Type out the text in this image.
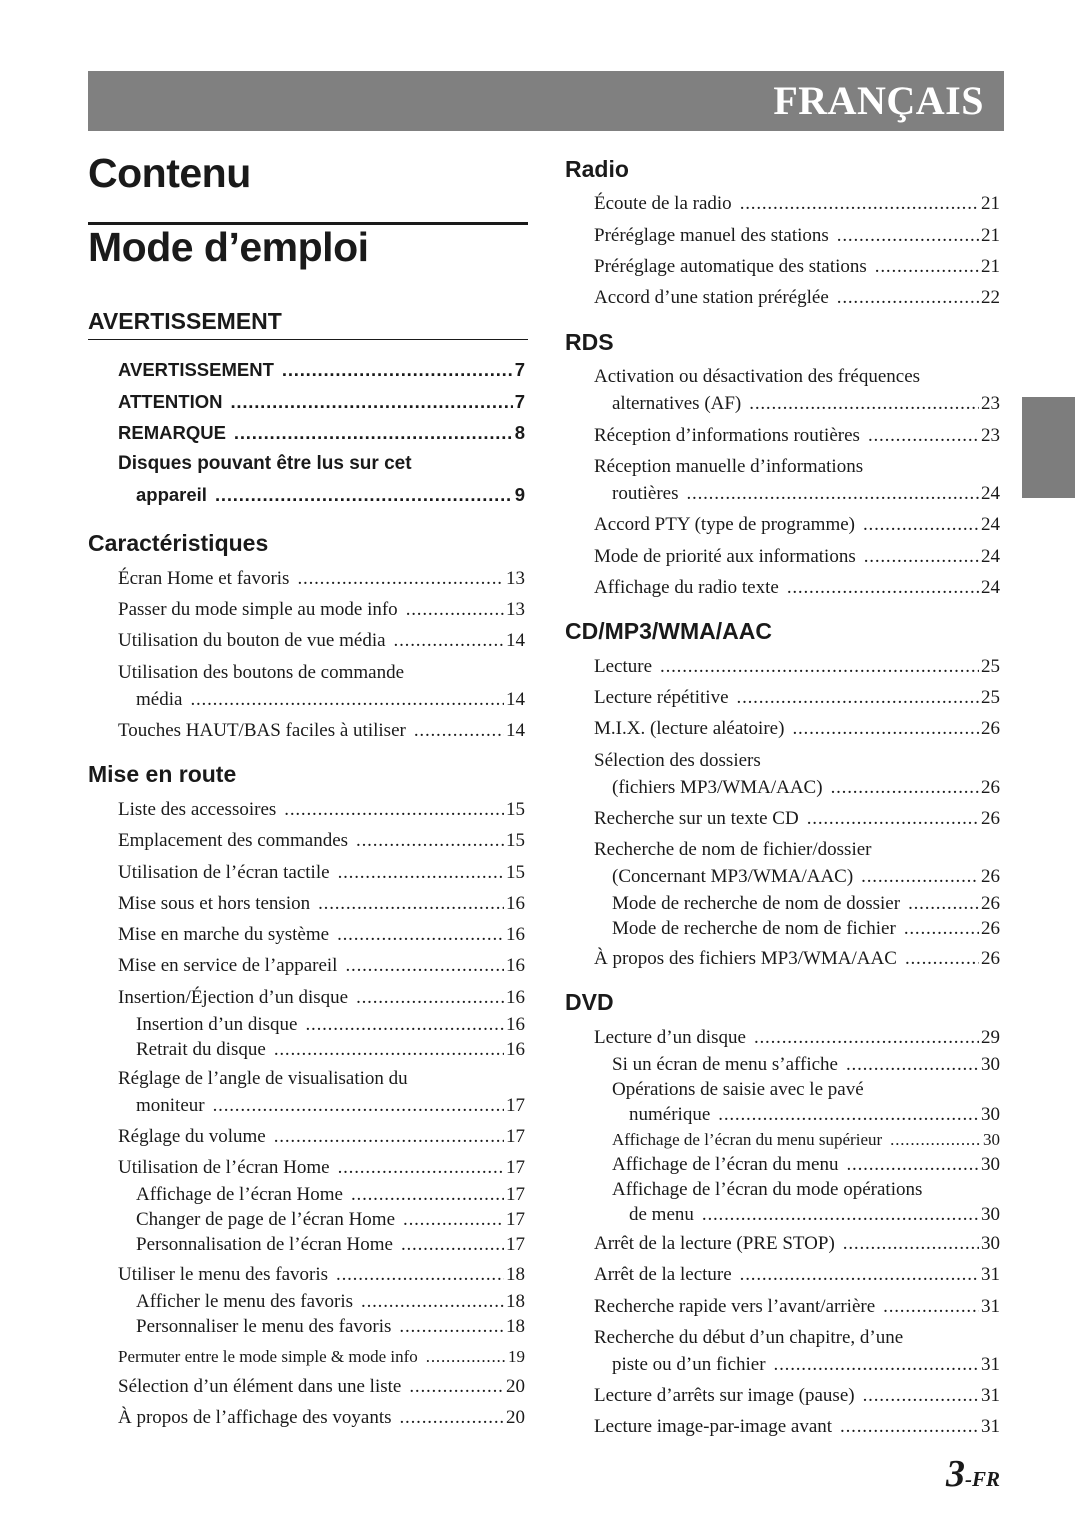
FRANÇAIS
Contenu
Mode d’emploi
AVERTISSEMENT
AVERTISSEMENT .....	7
ATTENTION .....	7
REMARQUE .....	8
Disques pouvant être lus sur cet
appareil .....	9
Caractéristiques
Écran Home et favoris .....	13
Passer du mode simple au mode info .....	13
Utilisation du bouton de vue média .....	14
Utilisation des boutons de commande
média .....	14
Touches HAUT/BAS faciles à utiliser .....	14
Mise en route
Liste des accessoires .....	15
Emplacement des commandes .....	15
Utilisation de l’écran tactile .....	15
Mise sous et hors tension .....	16
Mise en marche du système .....	16
Mise en service de l’appareil .....	16
Insertion/Éjection d’un disque .....	16
Insertion d’un disque .....	16
Retrait du disque .....	16
Réglage de l’angle de visualisation du
moniteur .....	17
Réglage du volume .....	17
Utilisation de l’écran Home .....	17
Affichage de l’écran Home .....	17
Changer de page de l’écran Home .....	17
Personnalisation de l’écran Home .....	17
Utiliser le menu des favoris .....	18
Afficher le menu des favoris .....	18
Personnaliser le menu des favoris .....	18
Permuter entre le mode simple & mode info .....	19
Sélection d’un élément dans une liste .....	20
À propos de l’affichage des voyants .....	20
Radio
Écoute de la radio .....	21
Préréglage manuel des stations .....	21
Préréglage automatique des stations .....	21
Accord d’une station préréglée .....	22
RDS
Activation ou désactivation des fréquences
alternatives (AF) .....	23
Réception d’informations routières .....	23
Réception manuelle d’informations
routières .....	24
Accord PTY (type de programme) .....	24
Mode de priorité aux informations .....	24
Affichage du radio texte .....	24
CD/MP3/WMA/AAC
Lecture .....	25
Lecture répétitive .....	25
M.I.X. (lecture aléatoire) .....	26
Sélection des dossiers
(fichiers MP3/WMA/AAC) .....	26
Recherche sur un texte CD .....	26
Recherche de nom de fichier/dossier
(Concernant MP3/WMA/AAC) .....	26
Mode de recherche de nom de dossier .....	26
Mode de recherche de nom de fichier .....	26
À propos des fichiers MP3/WMA/AAC .....	26
DVD
Lecture d’un disque .....	29
Si un écran de menu s’affiche .....	30
Opérations de saisie avec le pavé
numérique .....	30
Affichage de l’écran du menu supérieur .....	30
Affichage de l’écran du menu .....	30
Affichage de l’écran du mode opérations
de menu .....	30
Arrêt de la lecture (PRE STOP) .....	30
Arrêt de la lecture .....	31
Recherche rapide vers l’avant/arrière .....	31
Recherche du début d’un chapitre, d’une
piste ou d’un fichier .....	31
Lecture d’arrêts sur image (pause) .....	31
Lecture image-par-image avant .....	31
3-FR
